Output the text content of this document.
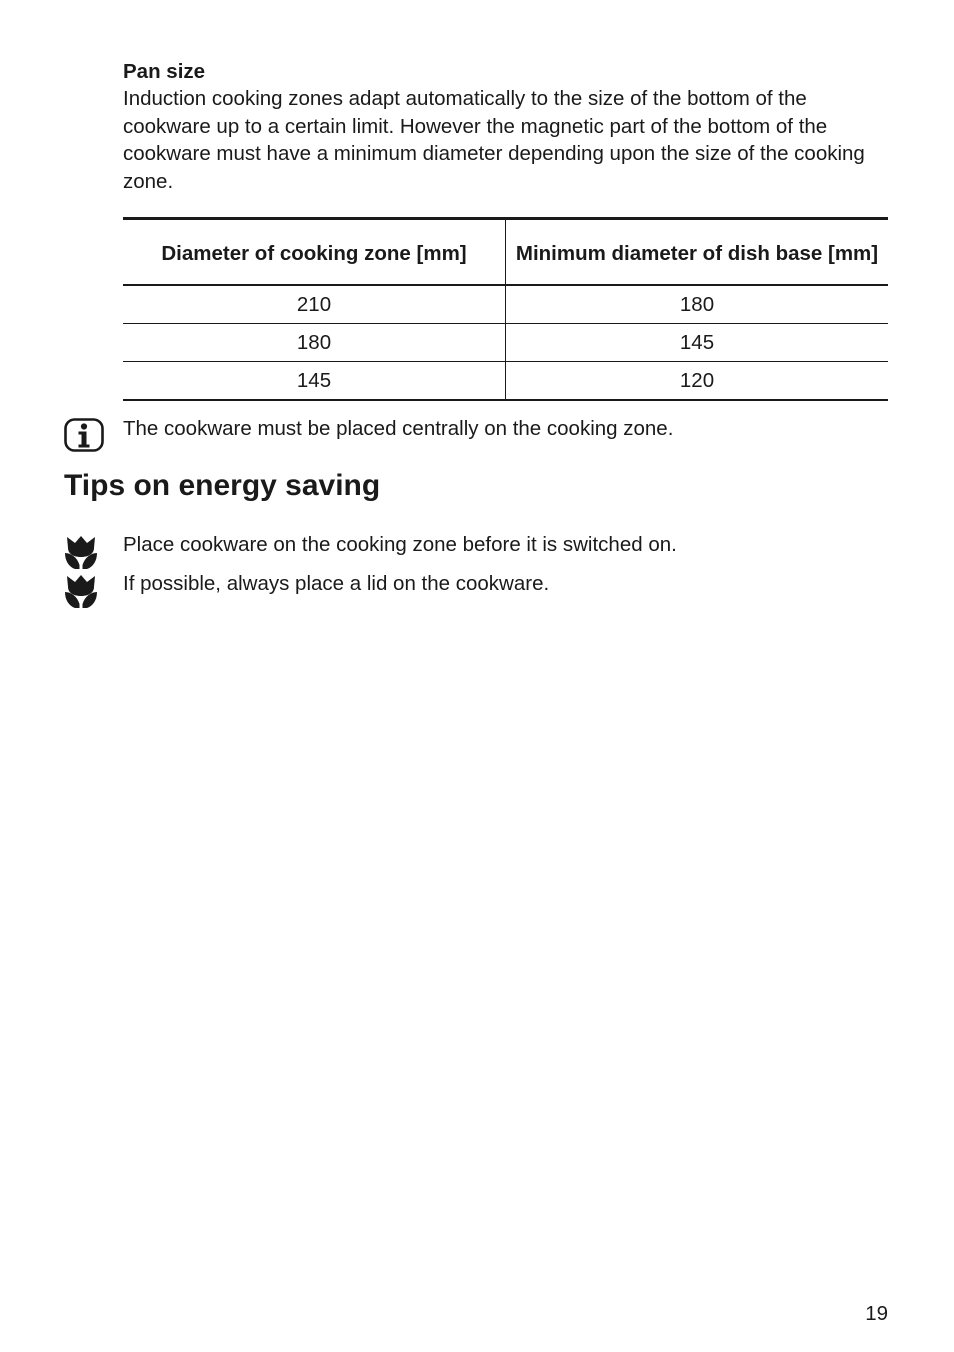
Pan size

Induction cooking zones adapt automatically to the size of the bottom of the cookware up to a certain limit. However the magnetic part of the bottom of the cookware must have a minimum diameter depending upon the size of the cooking zone.

Diameter of cooking zone [mm]	Minimum diameter of dish base [mm]
210	180
180	145
145	120

The cookware must be placed centrally on the cooking zone.

Tips on energy saving
Place cookware on the cooking zone before it is switched on.
If possible, always place a lid on the cookware.
19
